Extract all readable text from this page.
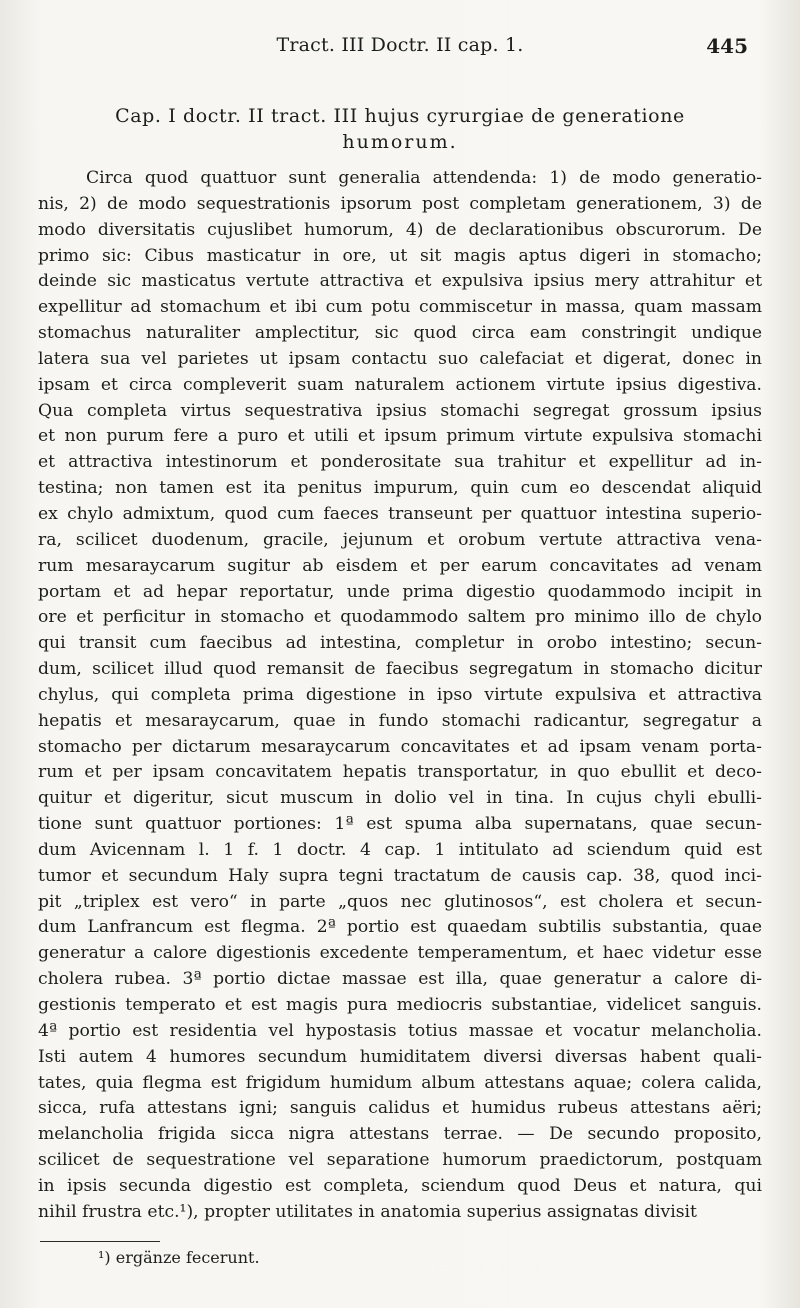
Tract. III Doctr. II cap. 1.	445
Cap. I doctr. II tract. III hujus cyrurgiae de generatione
humorum.
Circa quod quattuor sunt generalia attendenda: 1) de modo generatio-
nis, 2) de modo sequestrationis ipsorum post completam generationem, 3) de
modo diversitatis cujuslibet humorum, 4) de declarationibus obscurorum. De
primo sic: Cibus masticatur in ore, ut sit magis aptus digeri in stomacho;
deinde sic masticatus vertute attractiva et expulsiva ipsius mery attrahitur et
expellitur ad stomachum et ibi cum potu commiscetur in massa, quam massam
stomachus naturaliter amplectitur, sic quod circa eam constringit undique
latera sua vel parietes ut ipsam contactu suo calefaciat et digerat, donec in
ipsam et circa compleverit suam naturalem actionem virtute ipsius digestiva.
Qua completa virtus sequestrativa ipsius stomachi segregat grossum ipsius
et non purum fere a puro et utili et ipsum primum virtute expulsiva stomachi
et attractiva intestinorum et ponderositate sua trahitur et expellitur ad in-
testina; non tamen est ita penitus impurum, quin cum eo descendat aliquid
ex chylo admixtum, quod cum faeces transeunt per quattuor intestina superio-
ra, scilicet duodenum, gracile, jejunum et orobum vertute attractiva vena-
rum mesaraycarum sugitur ab eisdem et per earum concavitates ad venam
portam et ad hepar reportatur, unde prima digestio quodammodo incipit in
ore et perficitur in stomacho et quodammodo saltem pro minimo illo de chylo
qui transit cum faecibus ad intestina, completur in orobo intestino; secun-
dum, scilicet illud quod remansit de faecibus segregatum in stomacho dicitur
chylus, qui completa prima digestione in ipso virtute expulsiva et attractiva
hepatis et mesaraycarum, quae in fundo stomachi radicantur, segregatur a
stomacho per dictarum mesaraycarum concavitates et ad ipsam venam porta-
rum et per ipsam concavitatem hepatis transportatur, in quo ebullit et deco-
quitur et digeritur, sicut muscum in dolio vel in tina. In cujus chyli ebulli-
tione sunt quattuor portiones: 1ª est spuma alba supernatans, quae secun-
dum Avicennam l. 1 f. 1 doctr. 4 cap. 1 intitulato ad sciendum quid est
tumor et secundum Haly supra tegni tractatum de causis cap. 38, quod inci-
pit „triplex est vero“ in parte „quos nec glutinosos“, est cholera et secun-
dum Lanfrancum est flegma. 2ª portio est quaedam subtilis substantia, quae
generatur a calore digestionis excedente temperamentum, et haec videtur esse
cholera rubea. 3ª portio dictae massae est illa, quae generatur a calore di-
gestionis temperato et est magis pura mediocris substantiae, videlicet sanguis.
4ª portio est residentia vel hypostasis totius massae et vocatur melancholia.
Isti autem 4 humores secundum humiditatem diversi diversas habent quali-
tates, quia flegma est frigidum humidum album attestans aquae; colera calida,
sicca, rufa attestans igni; sanguis calidus et humidus rubeus attestans aëri;
melancholia frigida sicca nigra attestans terrae. — De secundo proposito,
scilicet de sequestratione vel separatione humorum praedictorum, postquam
in ipsis secunda digestio est completa, sciendum quod Deus et natura, qui
nihil frustra etc.¹), propter utilitates in anatomia superius assignatas divisit
¹) ergänze fecerunt.
